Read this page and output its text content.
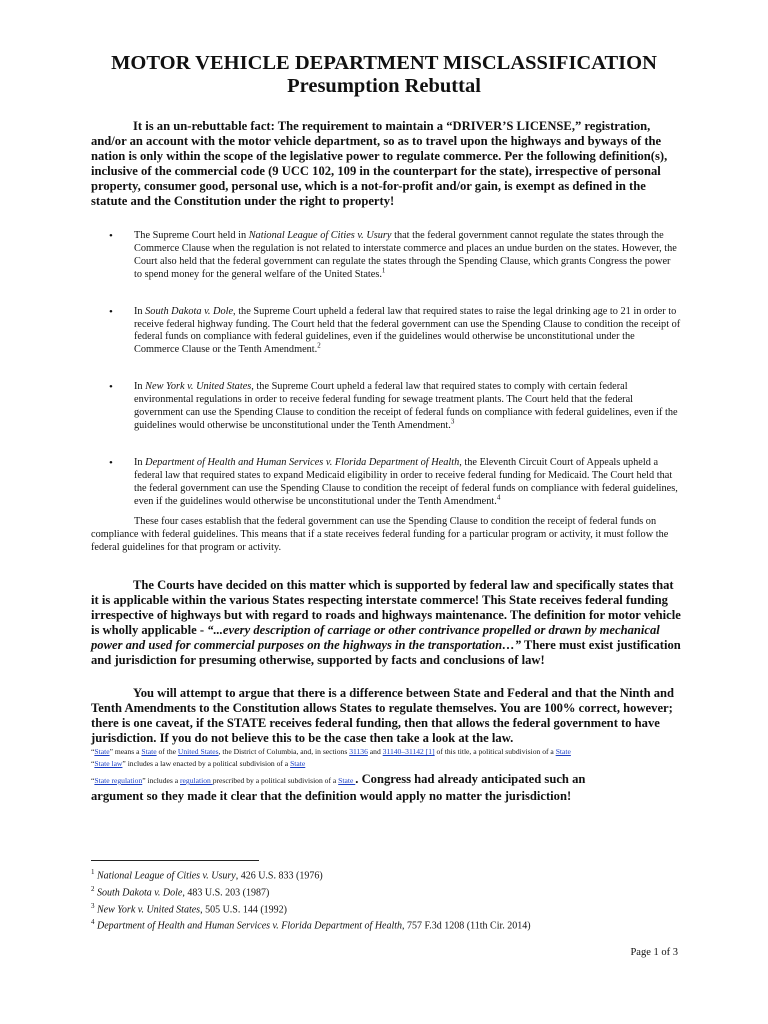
MOTOR VEHICLE DEPARTMENT MISCLASSIFICATION
Presumption Rebuttal

It is an un-rebuttable fact: The requirement to maintain a “DRIVER’S LICENSE,” registration, and/or an account with the motor vehicle department, so as to travel upon the highways and byways of the nation is only within the scope of the legislative power to regulate commerce. Per the following definition(s), inclusive of the commercial code (9 UCC 102, 109 in the counterpart for the state), irrespective of personal property, consumer good, personal use, which is a not-for-profit and/or gain, is exempt as defined in the statute and the Constitution under the right to property!

• The Supreme Court held in National League of Cities v. Usury that the federal government cannot regulate the states through the Commerce Clause when the regulation is not related to interstate commerce and places an undue burden on the states. However, the Court also held that the federal government can regulate the states through the Spending Clause, which grants Congress the power to spend money for the general welfare of the United States.$^1$
• In South Dakota v. Dole, the Supreme Court upheld a federal law that required states to raise the legal drinking age to 21 in order to receive federal highway funding. The Court held that the federal government can use the Spending Clause to condition the receipt of federal funds on compliance with federal guidelines, even if the guidelines would otherwise be unconstitutional under the Commerce Clause or the Tenth Amendment.$^2$
• In New York v. United States, the Supreme Court upheld a federal law that required states to comply with certain federal environmental regulations in order to receive federal funding for sewage treatment plants. The Court held that the federal government can use the Spending Clause to condition the receipt of federal funds on compliance with federal guidelines, even if the guidelines would otherwise be unconstitutional under the Tenth Amendment.$^3$
• In Department of Health and Human Services v. Florida Department of Health, the Eleventh Circuit Court of Appeals upheld a federal law that required states to expand Medicaid eligibility in order to receive federal funding for Medicaid. The Court held that the federal government can use the Spending Clause to condition the receipt of federal funds on compliance with federal guidelines, even if the guidelines would otherwise be unconstitutional under the Tenth Amendment.$^4$

These four cases establish that the federal government can use the Spending Clause to condition the receipt of federal funds on compliance with federal guidelines. This means that if a state receives federal funding for a particular program or activity, it must follow the federal guidelines for that program or activity.

The Courts have decided on this matter which is supported by federal law and specifically states that it is applicable within the various States respecting interstate commerce! This State receives federal funding irrespective of highways but with regard to roads and highways maintenance. The definition for motor vehicle is wholly applicable - “...every description of carriage or other contrivance propelled or drawn by mechanical power and used for commercial purposes on the highways in the transportation…” There must exist justification and jurisdiction for presuming otherwise, supported by facts and conclusions of law!

You will attempt to argue that there is a difference between State and Federal and that the Ninth and Tenth Amendments to the Constitution allows States to regulate themselves. You are 100% correct, however; there is one caveat, if the STATE receives federal funding, then that allows the federal government to have jurisdiction. If you do not believe this to be the case then take a look at the law.

“State” means a State of the United States, the District of Columbia, and, in sections 31136 and 31140–31142 [1] of this title, a political subdivision of a State

“State law” includes a law enacted by a political subdivision of a State

“State regulation” includes a regulation prescribed by a political subdivision of a State . Congress had already anticipated such an

argument so they made it clear that the definition would apply no matter the jurisdiction!

$^1$ National League of Cities v. Usury, 426 U.S. 833 (1976)
$^2$ South Dakota v. Dole, 483 U.S. 203 (1987)
$^3$ New York v. United States, 505 U.S. 144 (1992)
$^4$ Department of Health and Human Services v. Florida Department of Health, 757 F.3d 1208 (11th Cir. 2014)
Page 1 of 3
